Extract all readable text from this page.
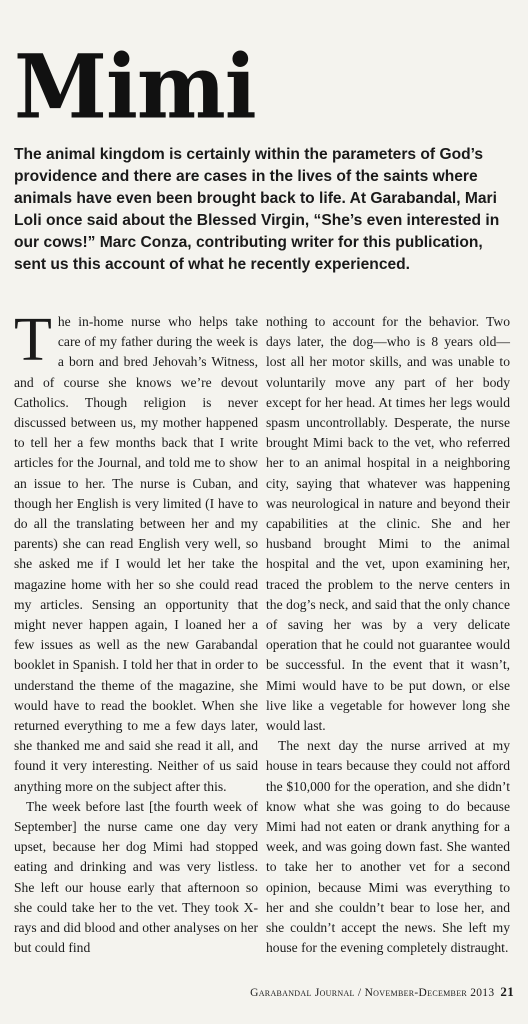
Mimi
The animal kingdom is certainly within the parameters of God’s providence and there are cases in the lives of the saints where animals have even been brought back to life. At Garabandal, Mari Loli once said about the Blessed Virgin, “She’s even interested in our cows!” Marc Conza, contributing writer for this publication, sent us this account of what he recently experienced.

The in-home nurse who helps take care of my father during the week is a born and bred Jehovah’s Witness, and of course she knows we’re devout Catholics. Though religion is never discussed between us, my mother happened to tell her a few months back that I write articles for the Journal, and told me to show an issue to her. The nurse is Cuban, and though her English is very limited (I have to do all the translating between her and my parents) she can read English very well, so she asked me if I would let her take the magazine home with her so she could read my articles. Sensing an opportunity that might never happen again, I loaned her a few issues as well as the new Garabandal booklet in Spanish. I told her that in order to understand the theme of the magazine, she would have to read the booklet. When she returned everything to me a few days later, she thanked me and said she read it all, and found it very interesting. Neither of us said anything more on the subject after this.

The week before last [the fourth week of September] the nurse came one day very upset, because her dog Mimi had stopped eating and drinking and was very listless. She left our house early that afternoon so she could take her to the vet. They took X-rays and did blood and other analyses on her but could find

nothing to account for the behavior. Two days later, the dog—who is 8 years old—lost all her motor skills, and was unable to voluntarily move any part of her body except for her head. At times her legs would spasm uncontrollably. Desperate, the nurse brought Mimi back to the vet, who referred her to an animal hospital in a neighboring city, saying that whatever was happening was neurological in nature and beyond their capabilities at the clinic. She and her husband brought Mimi to the animal hospital and the vet, upon examining her, traced the problem to the nerve centers in the dog’s neck, and said that the only chance of saving her was by a very delicate operation that he could not guarantee would be successful. In the event that it wasn’t, Mimi would have to be put down, or else live like a vegetable for however long she would last.

The next day the nurse arrived at my house in tears because they could not afford the $10,000 for the operation, and she didn’t know what she was going to do because Mimi had not eaten or drank anything for a week, and was going down fast. She wanted to take her to another vet for a second opinion, because Mimi was everything to her and she couldn’t bear to lose her, and she couldn’t accept the news. She left my house for the evening completely distraught.

Garabandal Journal / November-December 2013 21
